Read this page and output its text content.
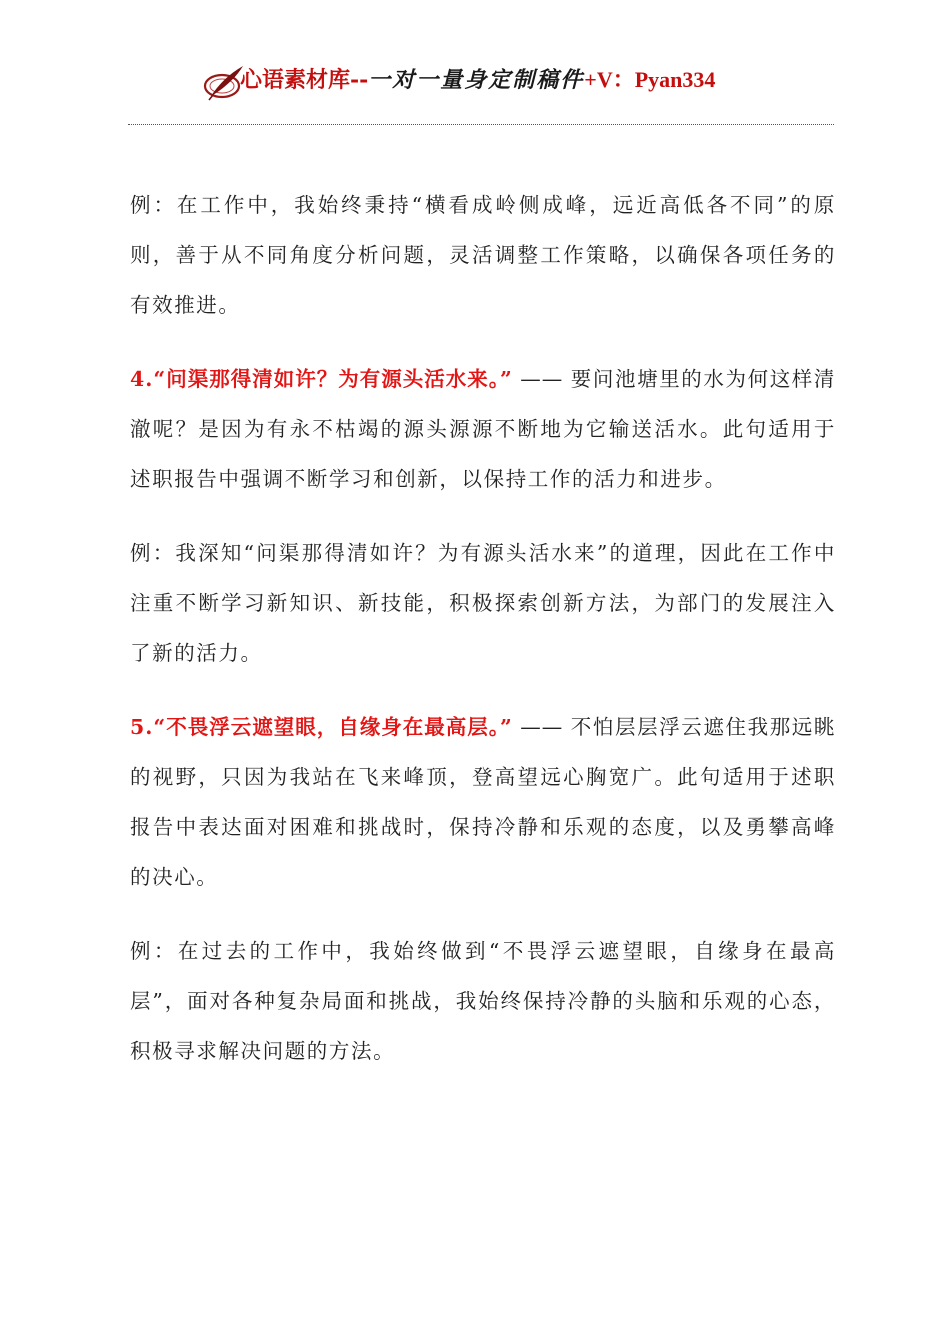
心语素材库--一对一量身定制稿件+V：Pyan334

例：在工作中，我始终秉持“横看成岭侧成峰，远近高低各不同”的原则，善于从不同角度分析问题，灵活调整工作策略，以确保各项任务的有效推进。

4.“问渠那得清如许？为有源头活水来。” —— 要问池塘里的水为何这样清澈呢？是因为有永不枯竭的源头源源不断地为它输送活水。此句适用于述职报告中强调不断学习和创新，以保持工作的活力和进步。

例：我深知“问渠那得清如许？为有源头活水来”的道理，因此在工作中注重不断学习新知识、新技能，积极探索创新方法，为部门的发展注入了新的活力。

5.“不畏浮云遮望眼，自缘身在最高层。” —— 不怕层层浮云遮住我那远眺的视野，只因为我站在飞来峰顶，登高望远心胸宽广。此句适用于述职报告中表达面对困难和挑战时，保持冷静和乐观的态度，以及勇攀高峰的决心。

例：在过去的工作中，我始终做到“不畏浮云遮望眼，自缘身在最高层”，面对各种复杂局面和挑战，我始终保持冷静的头脑和乐观的心态，积极寻求解决问题的方法。
